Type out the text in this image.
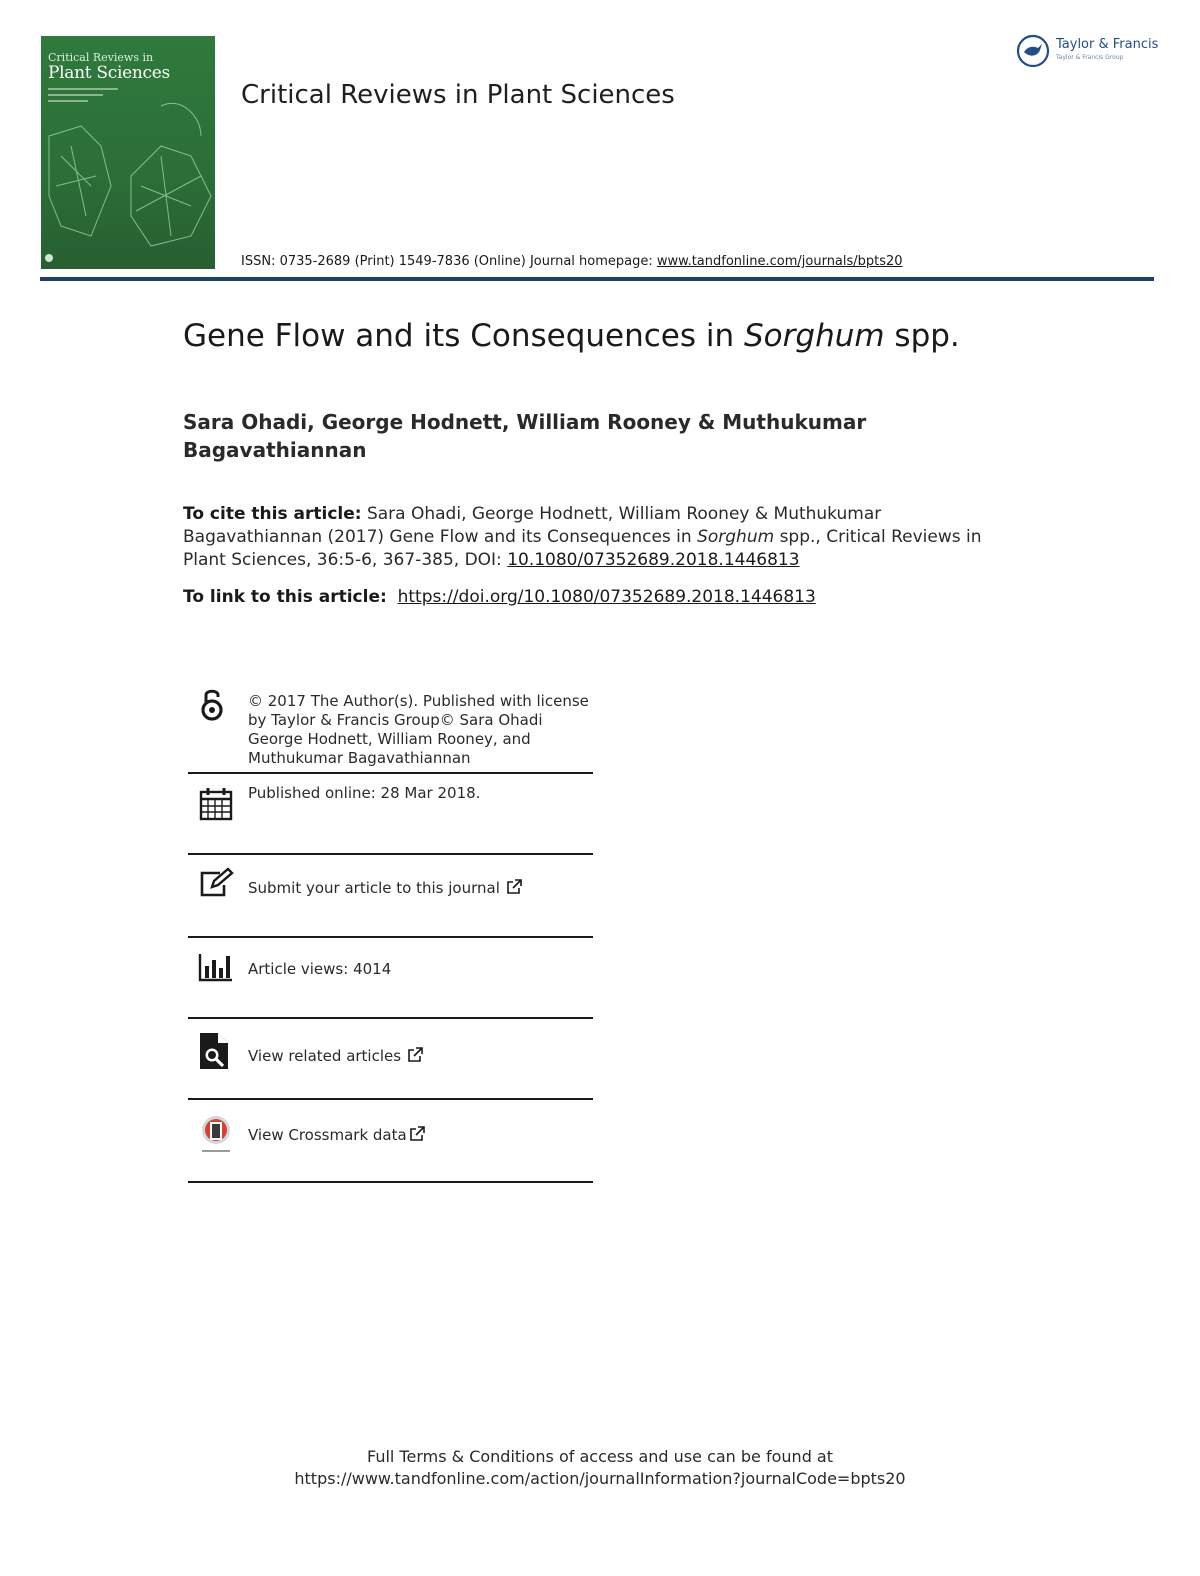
Critical Reviews in
Plant Sciences
Critical Reviews in Plant Sciences
Taylor & Francis
Taylor & Francis Group
ISSN: 0735-2689 (Print) 1549-7836 (Online) Journal homepage: www.tandfonline.com/journals/bpts20
Gene Flow and its Consequences in Sorghum spp.
Sara Ohadi, George Hodnett, William Rooney & Muthukumar Bagavathiannan
To cite this article: Sara Ohadi, George Hodnett, William Rooney & Muthukumar Bagavathiannan (2017) Gene Flow and its Consequences in Sorghum spp., Critical Reviews in Plant Sciences, 36:5-6, 367-385, DOI: 10.1080/07352689.2018.1446813
To link to this article: https://doi.org/10.1080/07352689.2018.1446813
© 2017 The Author(s). Published with license by Taylor & Francis Group© Sara Ohadi George Hodnett, William Rooney, and Muthukumar Bagavathiannan
Published online: 28 Mar 2018.
Submit your article to this journal
Article views: 4014
View related articles
View Crossmark data
Full Terms & Conditions of access and use can be found at
https://www.tandfonline.com/action/journalInformation?journalCode=bpts20
